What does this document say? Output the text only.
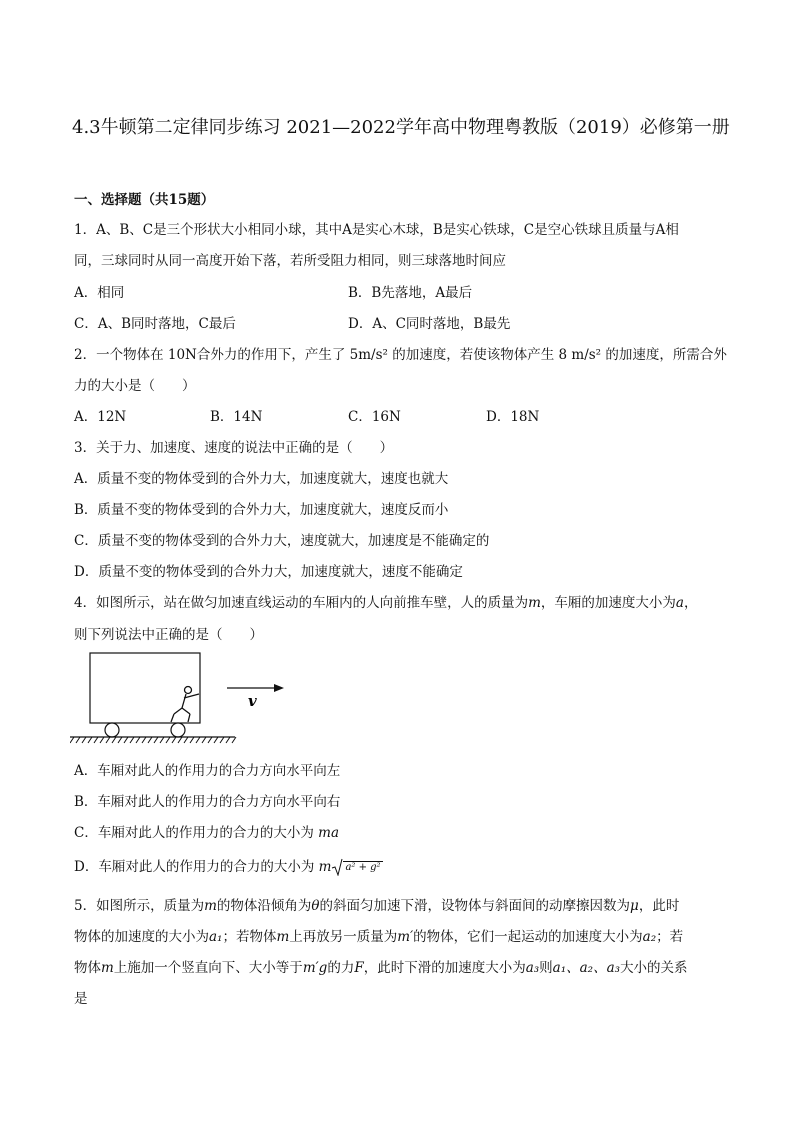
4.3牛顿第二定律同步练习 2021—2022学年高中物理粤教版（2019）必修第一册
一、选择题（共15题）
1．A、B、C是三个形状大小相同小球，其中A是实心木球，B是实心铁球，C是空心铁球且质量与A相
同，三球同时从同一高度开始下落，若所受阻力相同，则三球落地时间应
A．相同	B．B先落地，A最后
C．A、B同时落地，C最后	D．A、C同时落地，B最先
2．一个物体在 10N合外力的作用下，产生了 5m/s² 的加速度，若使该物体产生 8 m/s² 的加速度，所需合外
力的大小是（　　）
A．12N	B．14N	C．16N	D．18N
3．关于力、加速度、速度的说法中正确的是（　　）
A．质量不变的物体受到的合外力大，加速度就大，速度也就大
B．质量不变的物体受到的合外力大，加速度就大，速度反而小
C．质量不变的物体受到的合外力大，速度就大，加速度是不能确定的
D．质量不变的物体受到的合外力大，加速度就大，速度不能确定
4．如图所示，站在做匀加速直线运动的车厢内的人向前推车壁，人的质量为m，车厢的加速度大小为a，
则下列说法中正确的是（　　）
v
A．车厢对此人的作用力的合力方向水平向左
B．车厢对此人的作用力的合力方向水平向右
C．车厢对此人的作用力的合力的大小为 ma
D．车厢对此人的作用力的合力的大小为 m a² + g²
5．如图所示，质量为m的物体沿倾角为θ的斜面匀加速下滑，设物体与斜面间的动摩擦因数为μ，此时
物体的加速度的大小为a₁；若物体m上再放另一质量为m′的物体，它们一起运动的加速度大小为a₂；若
物体m上施加一个竖直向下、大小等于m′g的力F，此时下滑的加速度大小为a₃则a₁、a₂、a₃大小的关系
是
